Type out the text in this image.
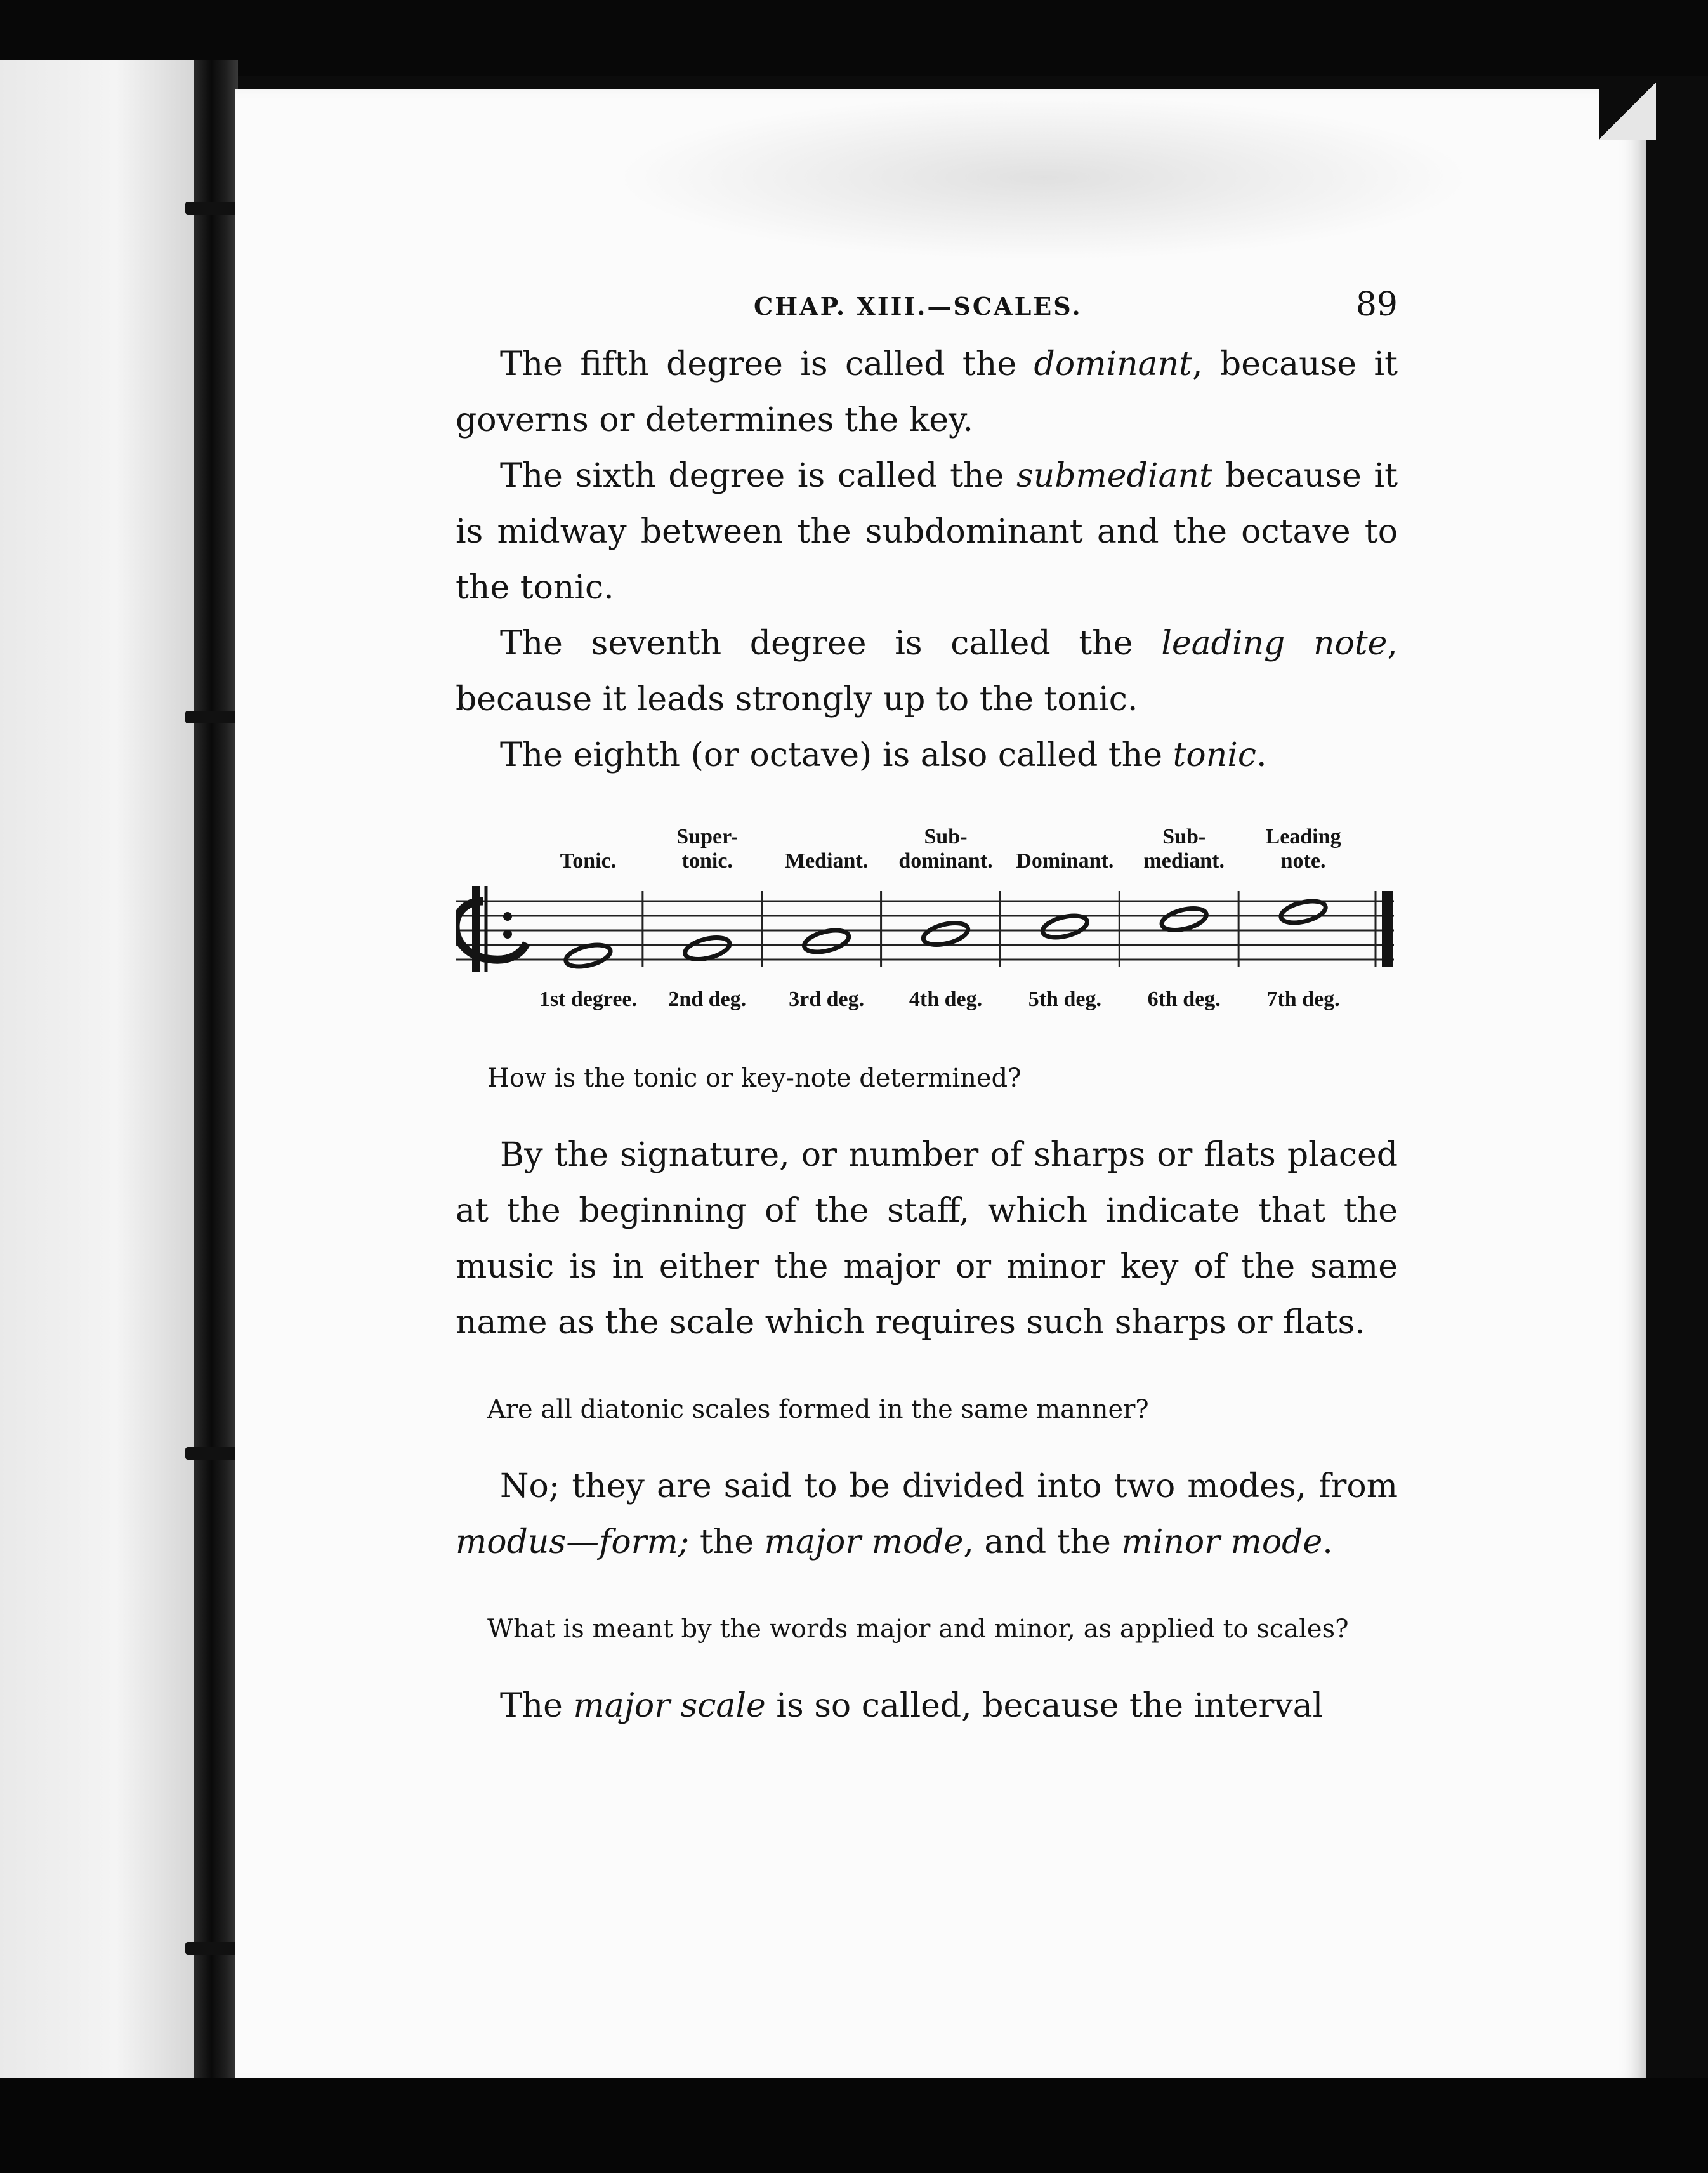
CHAP. XIII.—SCALES.	89

The fifth degree is called the dominant, because it governs or determines the key.

The sixth degree is called the submediant because it is midway between the subdominant and the octave to the tonic.

The seventh degree is called the leading note, because it leads strongly up to the tonic.

The eighth (or octave) is also called the tonic.

Tonic.
1st degree.
Super-
tonic.
2nd deg.
Mediant.
3rd deg.
Sub-
dominant.
4th deg.
Dominant.
5th deg.
Sub-
mediant.
6th deg.
Leading
note.
7th deg.

How is the tonic or key-note determined?

By the signature, or number of sharps or flats placed at the beginning of the staff, which indicate that the music is in either the major or minor key of the same name as the scale which requires such sharps or flats.

Are all diatonic scales formed in the same manner?

No; they are said to be divided into two modes, from modus—form; the major mode, and the minor mode.

What is meant by the words major and minor, as applied to scales?

The major scale is so called, because the interval
